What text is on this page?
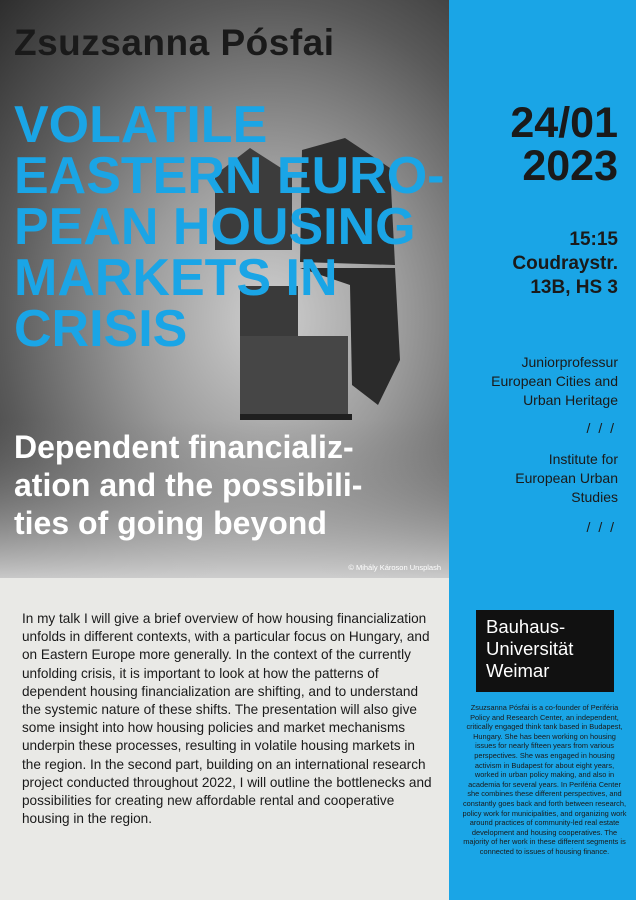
Zsuzsanna Pósfai
VOLATILE
EASTERN EURO-
PEAN HOUSING
MARKETS IN
CRISIS
Dependent financializ-
ation and the possibili-
ties of going beyond
© Mihály Károson Unsplash

In my talk I will give a brief overview of how housing financialization unfolds in different contexts, with a particular focus on Hungary, and on Eastern Europe more generally. In the context of the currently unfolding crisis, it is important to look at how the patterns of dependent housing financialization are shifting, and to understand the systemic nature of these shifts. The presentation will also give some insight into how housing policies and market mechanisms underpin these processes, resulting in volatile housing markets in the region. In the second part, building on an international research project conducted throughout 2022, I will outline the bottlenecks and possibilities for creating new affordable rental and cooperative housing in the region.

24/01
2023
15:15
Coudraystr.
13B, HS 3
Juniorprofessur
European Cities and
Urban Heritage
/ / /
Institute for
European Urban
Studies
/ / /
Bauhaus-
Universität
Weimar

Zsuzsanna Pósfai is a co-founder of Periféria Policy and Research Center, an independent, critically engaged think tank based in Budapest, Hungary. She has been working on housing issues for nearly fifteen years from various perspectives. She was engaged in housing activism in Budapest for about eight years, worked in urban policy making, and also in academia for several years. In Periféria Center she combines these different perspectives, and constantly goes back and forth between research, policy work for municipalities, and organizing work around practices of community-led real estate development and housing cooperatives. The majority of her work in these different segments is connected to issues of housing finance.
